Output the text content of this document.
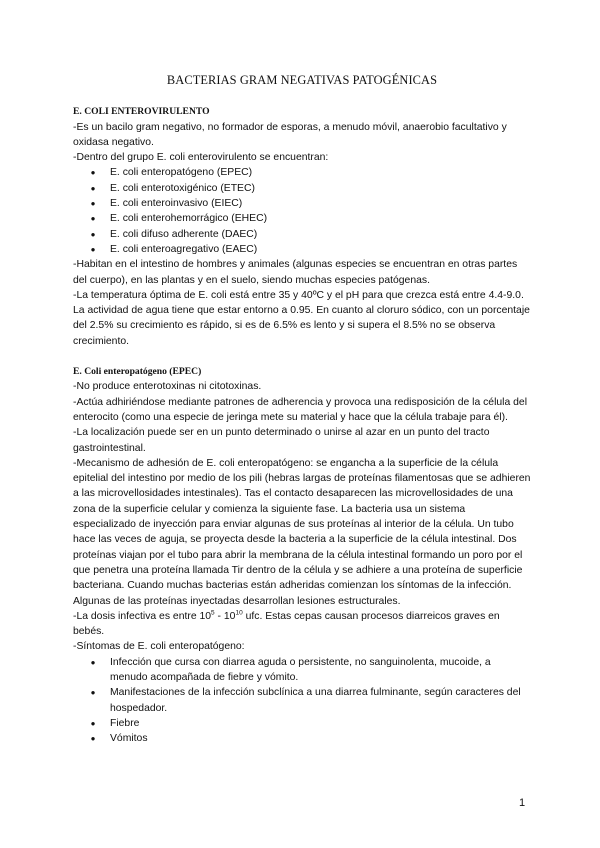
BACTERIAS GRAM NEGATIVAS PATOGÉNICAS
E. COLI ENTEROVIRULENTO

-Es un bacilo gram negativo, no formador de esporas, a menudo móvil, anaerobio facultativo y oxidasa negativo.

-Dentro del grupo E. coli enterovirulento se encuentran:

● E. coli enteropatógeno (EPEC)
● E. coli enterotoxigénico (ETEC)
● E. coli enteroinvasivo (EIEC)
● E. coli enterohemorrágico (EHEC)
● E. coli difuso adherente (DAEC)
● E. coli enteroagregativo (EAEC)

-Habitan en el intestino de hombres y animales (algunas especies se encuentran en otras partes del cuerpo), en las plantas y en el suelo, siendo muchas especies patógenas.

-La temperatura óptima de E. coli está entre 35 y 40ºC y el pH para que crezca está entre 4.4-9.0. La actividad de agua tiene que estar entorno a 0.95. En cuanto al cloruro sódico, con un porcentaje del 2.5% su crecimiento es rápido, si es de 6.5% es lento y si supera el 8.5% no se observa crecimiento.

E. Coli enteropatógeno (EPEC)

-No produce enterotoxinas ni citotoxinas.

-Actúa adhiriéndose mediante patrones de adherencia y provoca una redisposición de la célula del enterocito (como una especie de jeringa mete su material y hace que la célula trabaje para él).

-La localización puede ser en un punto determinado o unirse al azar en un punto del tracto gastrointestinal.

-Mecanismo de adhesión de E. coli enteropatógeno: se engancha a la superficie de la célula epitelial del intestino por medio de los pili (hebras largas de proteínas filamentosas que se adhieren a las microvellosidades intestinales). Tas el contacto desaparecen las microvellosidades de una zona de la superficie celular y comienza la siguiente fase. La bacteria usa un sistema especializado de inyección para enviar algunas de sus proteínas al interior de la célula. Un tubo hace las veces de aguja, se proyecta desde la bacteria a la superficie de la célula intestinal. Dos proteínas viajan por el tubo para abrir la membrana de la célula intestinal formando un poro por el que penetra una proteína llamada Tir dentro de la célula y se adhiere a una proteína de superficie bacteriana. Cuando muchas bacterias están adheridas comienzan los síntomas de la infección. Algunas de las proteínas inyectadas desarrollan lesiones estructurales.

-La dosis infectiva es entre $10^5 - 10^{10}$ ufc. Estas cepas causan procesos diarreicos graves en bebés.

-Síntomas de E. coli enteropatógeno:

● Infección que cursa con diarrea aguda o persistente, no sanguinolenta, mucoide, a menudo acompañada de fiebre y vómito.
● Manifestaciones de la infección subclínica a una diarrea fulminante, según caracteres del hospedador.
● Fiebre
● Vómitos
1
